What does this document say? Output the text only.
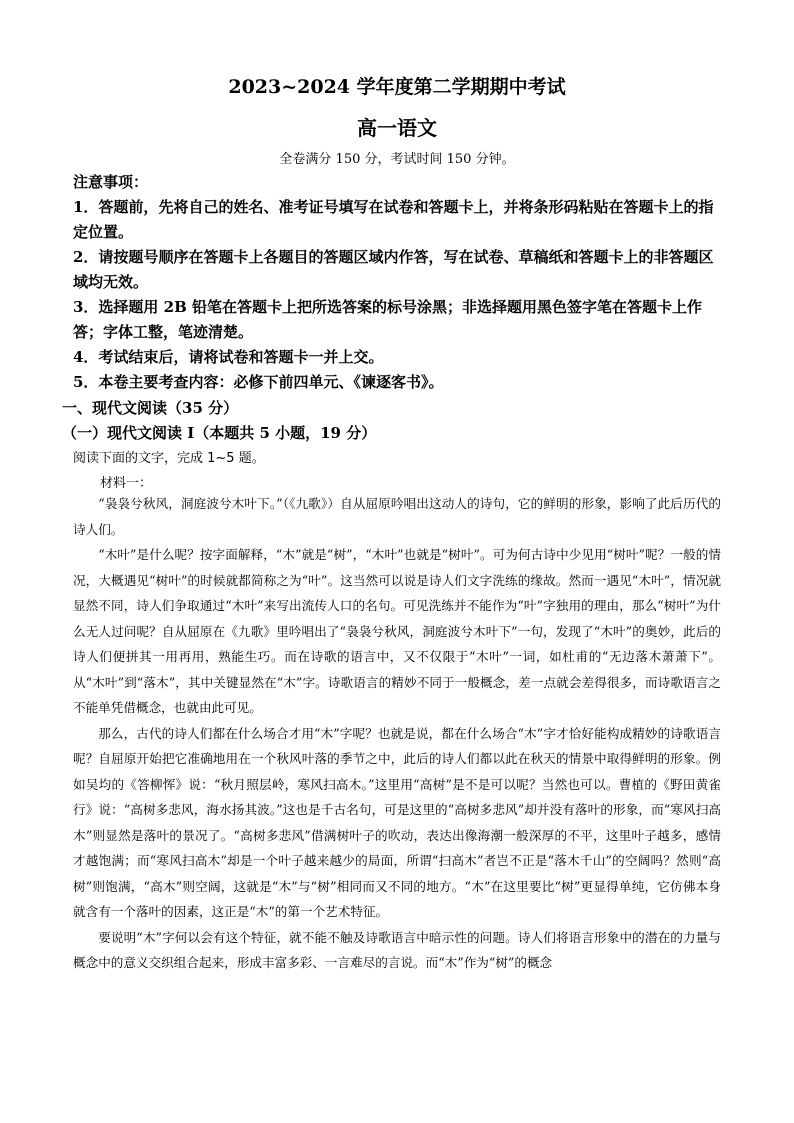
2023~2024 学年度第二学期期中考试
高一语文
全卷满分 150 分，考试时间 150 分钟。

注意事项：

1．答题前，先将自己的姓名、准考证号填写在试卷和答题卡上，并将条形码粘贴在答题卡上的指定位置。

2．请按题号顺序在答题卡上各题目的答题区域内作答，写在试卷、草稿纸和答题卡上的非答题区域均无效。

3．选择题用 2B 铅笔在答题卡上把所选答案的标号涂黑；非选择题用黑色签字笔在答题卡上作答；字体工整，笔迹清楚。

4．考试结束后，请将试卷和答题卡一并上交。

5．本卷主要考查内容：必修下前四单元、《谏逐客书》。

一、现代文阅读（35 分）
（一）现代文阅读 I（本题共 5 小题，19 分）
阅读下面的文字，完成 1~5 题。
材料一：

“袅袅兮秋风，洞庭波兮木叶下。”（《九歌》）自从屈原吟唱出这动人的诗句，它的鲜明的形象，影响了此后历代的诗人们。

“木叶”是什么呢？按字面解释，“木”就是“树”，“木叶”也就是“树叶”。可为何古诗中少见用“树叶”呢？一般的情况，大概遇见“树叶”的时候就都简称之为“叶”。这当然可以说是诗人们文字洗练的缘故。然而一遇见“木叶”，情况就显然不同，诗人们争取通过“木叶”来写出流传人口的名句。可见洗练并不能作为“叶”字独用的理由，那么“树叶”为什么无人过问呢？自从屈原在《九歌》里吟唱出了“袅袅兮秋风，洞庭波兮木叶下”一句，发现了“木叶”的奥妙，此后的诗人们便拼其一用再用，熟能生巧。而在诗歌的语言中，又不仅限于“木叶”一词，如杜甫的“无边落木萧萧下”。从“木叶”到“落木”，其中关键显然在“木”字。诗歌语言的精妙不同于一般概念，差一点就会差得很多，而诗歌语言之不能单凭借概念，也就由此可见。

那么，古代的诗人们都在什么场合才用“木”字呢？也就是说，都在什么场合“木”字才恰好能构成精妙的诗歌语言呢？自屈原开始把它准确地用在一个秋风叶落的季节之中，此后的诗人们都以此在秋天的情景中取得鲜明的形象。例如吴均的《答柳恽》说：“秋月照层岭，寒风扫高木。”这里用“高树”是不是可以呢？当然也可以。曹植的《野田黄雀行》说：“高树多悲风，海水扬其波。”这也是千古名句，可是这里的“高树多悲风”却并没有落叶的形象，而“寒风扫高木”则显然是落叶的景况了。“高树多悲风”借满树叶子的吹动，表达出像海潮一般深厚的不平，这里叶子越多，感情才越饱满；而“寒风扫高木”却是一个叶子越来越少的局面，所谓“扫高木”者岂不正是“落木千山”的空阔吗？然则“高树”则饱满，“高木”则空阔，这就是“木”与“树”相同而又不同的地方。“木”在这里要比“树”更显得单纯，它仿佛本身就含有一个落叶的因素，这正是“木”的第一个艺术特征。

要说明“木”字何以会有这个特征，就不能不触及诗歌语言中暗示性的问题。诗人们将语言形象中的潜在的力量与概念中的意义交织组合起来，形成丰富多彩、一言难尽的言说。而“木”作为“树”的概念
